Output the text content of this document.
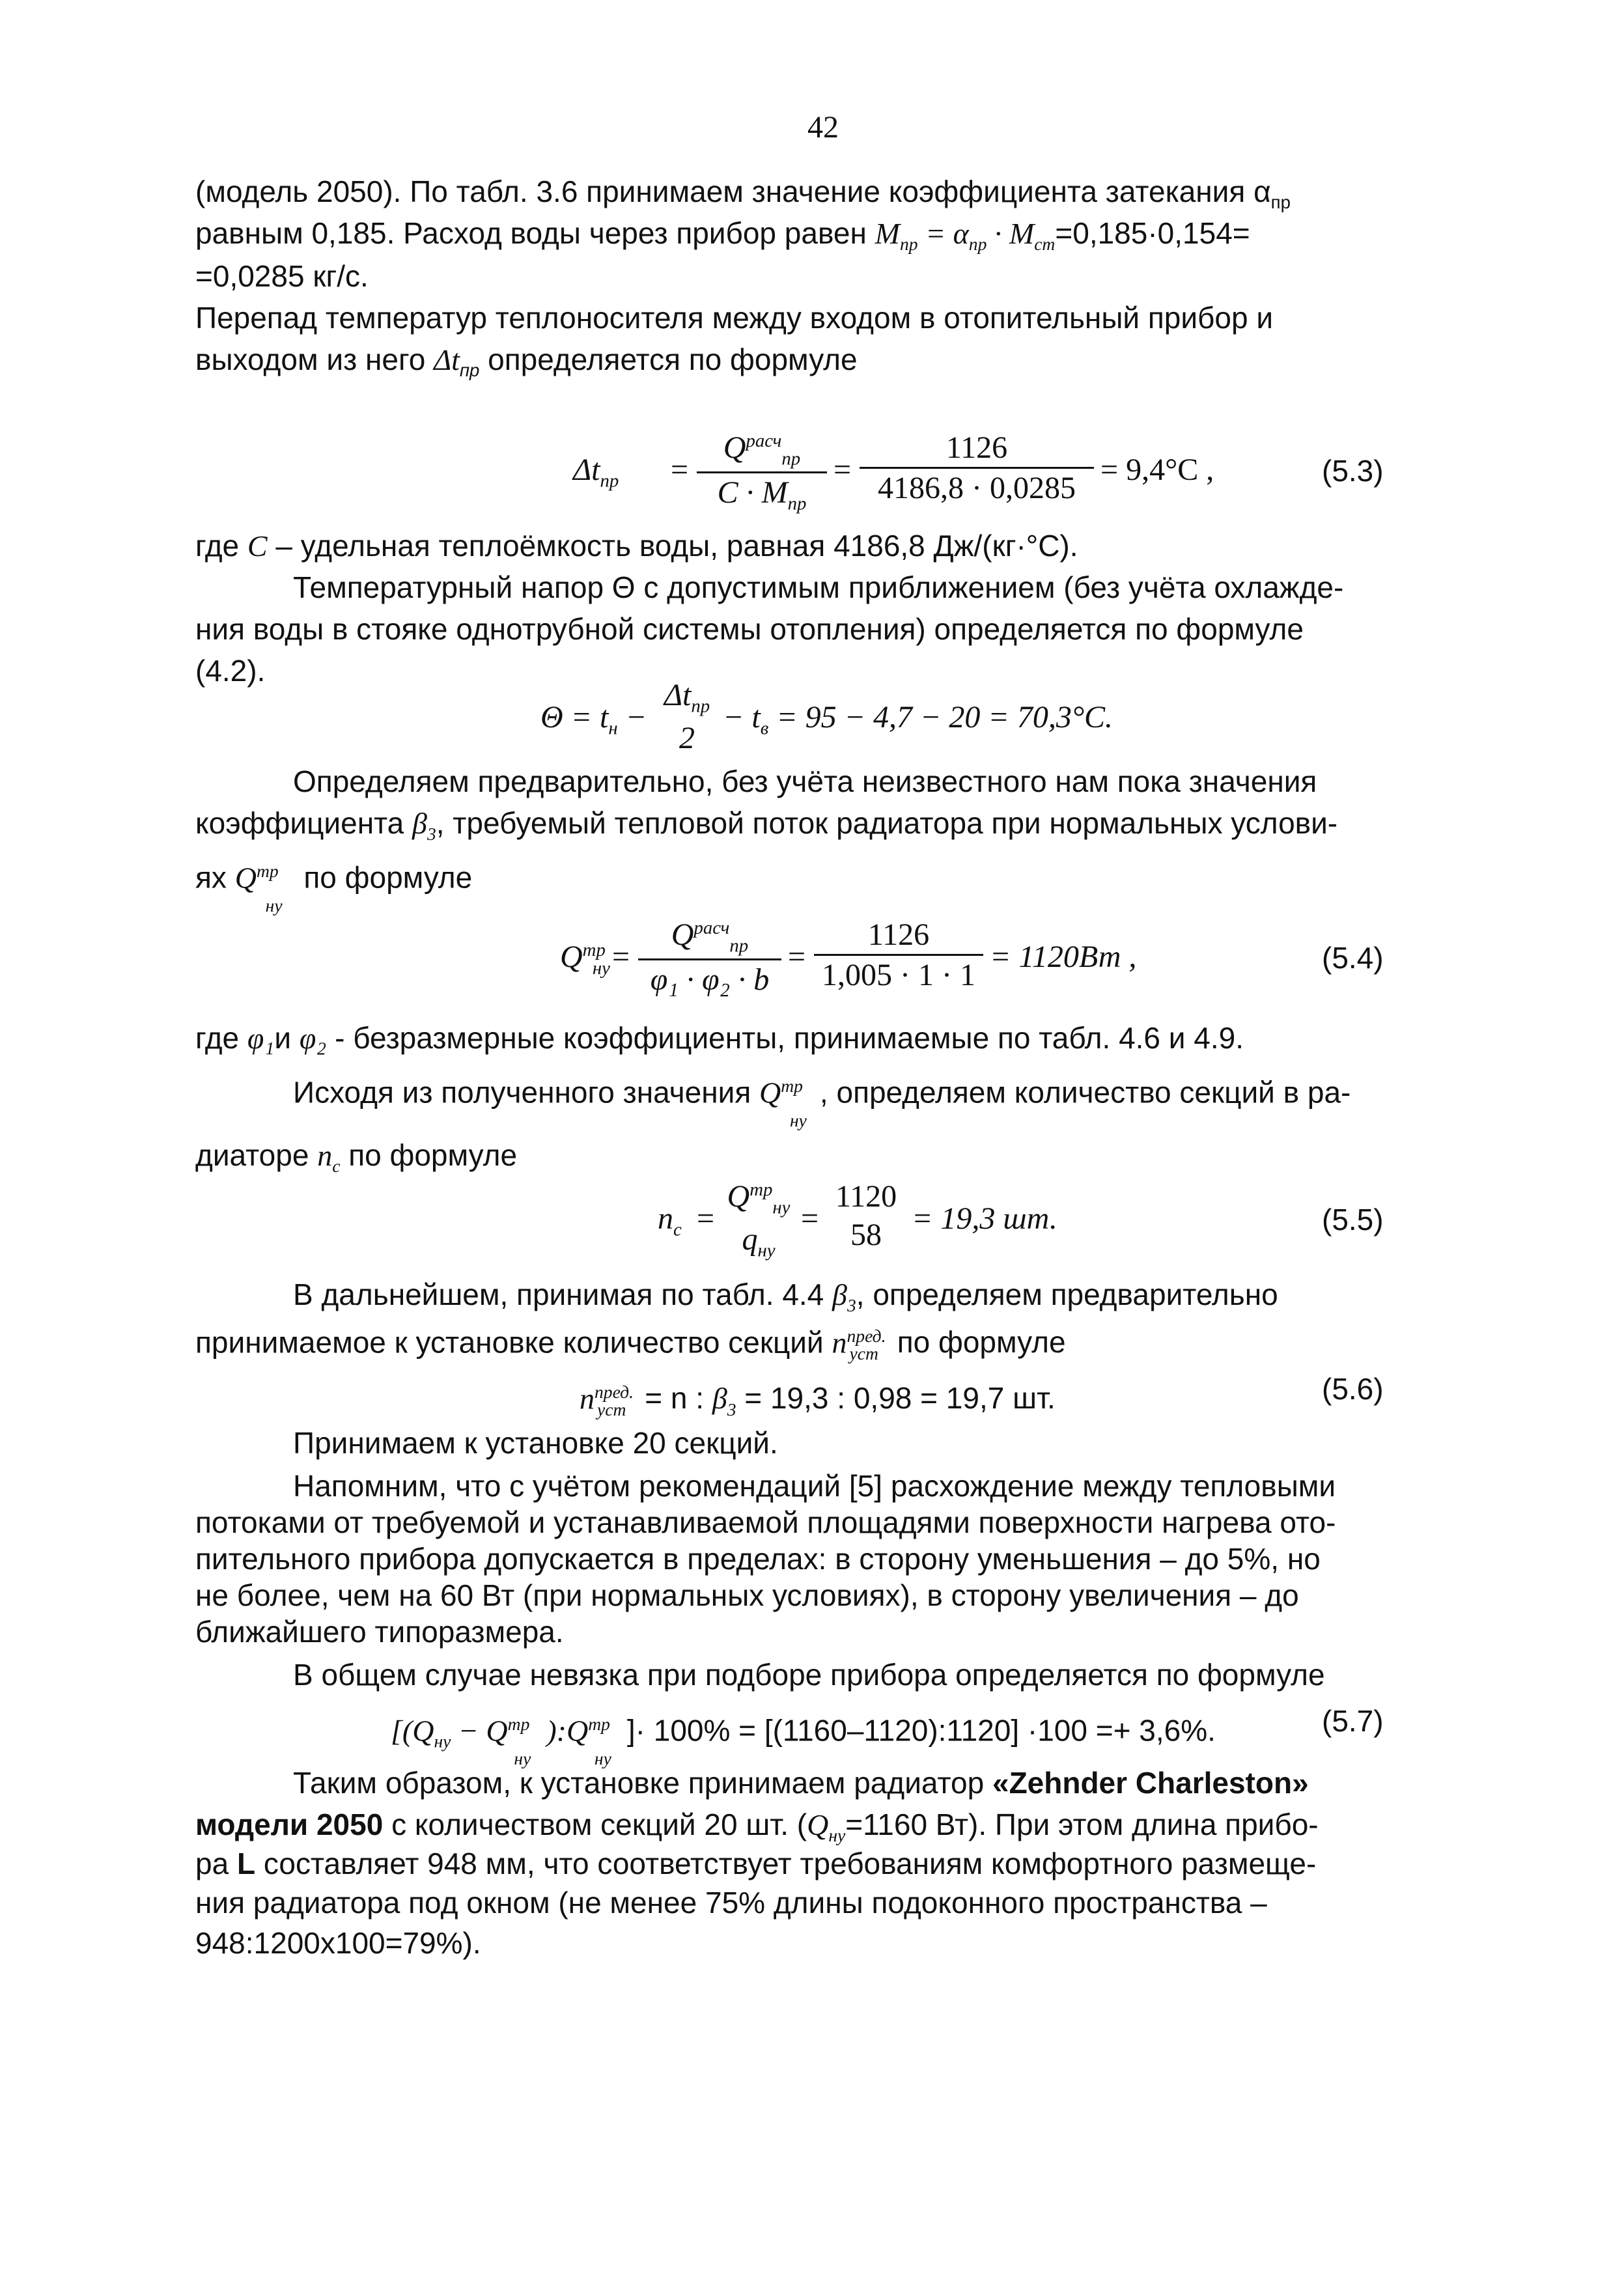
42
(модель 2050). По табл. 3.6 принимаем значение коэффициента затекания $\alpha_{пр}$
равным 0,185. Расход воды через прибор равен $M_{пр} = \alpha_{пр} \cdot M_{ст}=0,185\cdot 0,154=$
=0,0285 кг/с.
Перепад температур теплоносителя между входом в отопительный прибор и
выходом из него $\Delta t_{пр}$ определяется по формуле
$\Delta t_{пр}$ =
$Q^{расч}_{пр}$
$C \cdot M_{пр}$
= $\frac{1126}{4186,8 \cdot 0,0285} = 9,4^\circ C$ ,	(5.3)
где C – удельная теплоёмкость воды, равная 4186,8 Дж/(кг·°С).
Температурный напор Θ с допустимым приближением (без учёта охлажде-
ния воды в стояке однотрубной системы отопления) определяется по формуле
(4.2).
$\Theta = t_н$ −
$\Delta t_{пр}$
2
− $t_в = 95 - 4,7 - 20 = 70,3^\circ C$.
Определяем предварительно, без учёта неизвестного нам пока значения
коэффициента $\beta_3$, требуемый тепловой поток радиатора при нормальных услови-
ях $Q^{тр}_{ну}$ по формуле
$Q^{тр}_{ну}$ =
$Q^{расч}_{пр}$
φ₁ · φ₂ · b
= $\frac{1126}{1,005 \cdot 1 \cdot 1} = 1120Вт$ ,	(5.4)
где φ₁и φ₂ - безразмерные коэффициенты, принимаемые по табл. 4.6 и 4.9.
Исходя из полученного значения $Q^{тр}_{ну}$, определяем количество секций в ра-
диаторе $n_c$ по формуле
$n_c$ =
$Q^{тр}_{ну}$
$q_{ну}$
=
1120
58 = 19,3 шт.	(5.5)
В дальнейшем, принимая по табл. 4.4 $\beta_3$, определяем предварительно
принимаемое к установке количество секций $n^{пред.}_{уст}$ по формуле
$n^{пред.}_{уст} = n$ : $\beta_3 = 19,3$ : 0,98 = 19,7 шт.	(5.6)
Принимаем к установке 20 секций.
Напомним, что с учётом рекомендаций [5] расхождение между тепловыми
потоками от требуемой и устанавливаемой площадями поверхности нагрева ото-
пительного прибора допускается в пределах: в сторону уменьшения – до 5%, но
не более, чем на 60 Вт (при нормальных условиях), в сторону увеличения – до
ближайшего типоразмера.
В общем случае невязка при подборе прибора определяется по формуле
[($Q_{ну}$ − $Q^{тр}_{ну}):Q^{тр}_{ну}]\cdot 100\%$ = [(1160–1120):1120] ·100 =+ 3,6%.	(5.7)
Таким образом, к установке принимаем радиатор «Zehnder Charleston»
модели 2050 с количеством секций 20 шт. ($Q_{ну}=1160$ Вт). При этом длина прибо-
ра L составляет 948 мм, что соответствует требованиям комфортного размеще-
ния радиатора под окном (не менее 75% длины подоконного пространства –
948:1200х100=79%).
